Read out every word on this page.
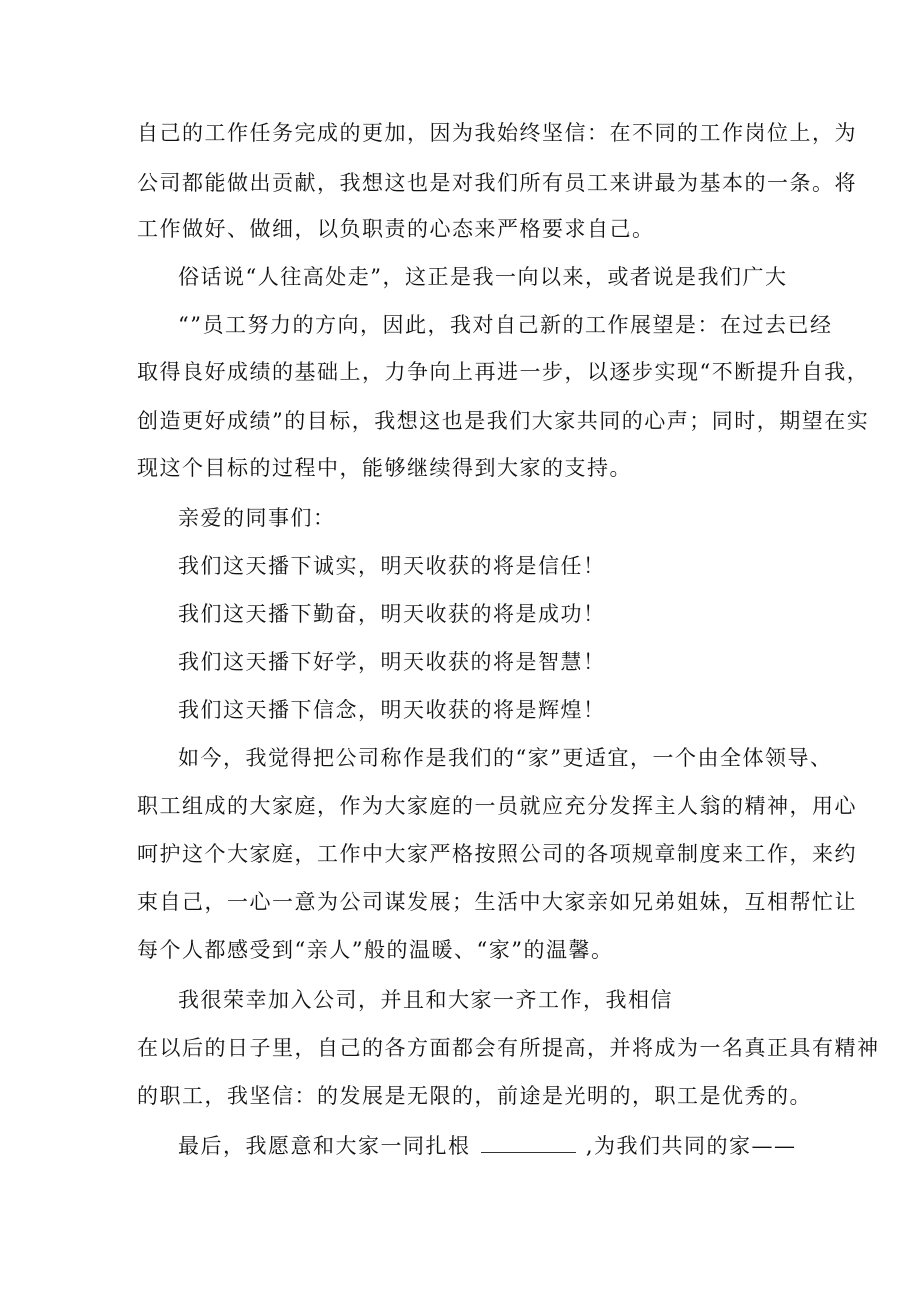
自己的工作任务完成的更加，因为我始终坚信：在不同的工作岗位上，为
公司都能做出贡献，我想这也是对我们所有员工来讲最为基本的一条。将
工作做好、做细，以负职责的心态来严格要求自己。
俗话说“人往高处走”，这正是我一向以来，或者说是我们广大
“”员工努力的方向，因此，我对自己新的工作展望是：在过去已经
取得良好成绩的基础上，力争向上再进一步，以逐步实现“不断提升自我，
创造更好成绩”的目标，我想这也是我们大家共同的心声；同时，期望在实
现这个目标的过程中，能够继续得到大家的支持。
亲爱的同事们：
我们这天播下诚实，明天收获的将是信任！
我们这天播下勤奋，明天收获的将是成功！
我们这天播下好学，明天收获的将是智慧！
我们这天播下信念，明天收获的将是辉煌！
如今，我觉得把公司称作是我们的“家”更适宜，一个由全体领导、
职工组成的大家庭，作为大家庭的一员就应充分发挥主人翁的精神，用心
呵护这个大家庭，工作中大家严格按照公司的各项规章制度来工作，来约
束自己，一心一意为公司谋发展；生活中大家亲如兄弟姐妹，互相帮忙让
每个人都感受到“亲人”般的温暖、“家”的温馨。
我很荣幸加入公司，并且和大家一齐工作，我相信
在以后的日子里，自己的各方面都会有所提高，并将成为一名真正具有精神
的职工，我坚信：的发展是无限的，前途是光明的，职工是优秀的。
最后，我愿意和大家一同扎根	,为我们共同的家——
